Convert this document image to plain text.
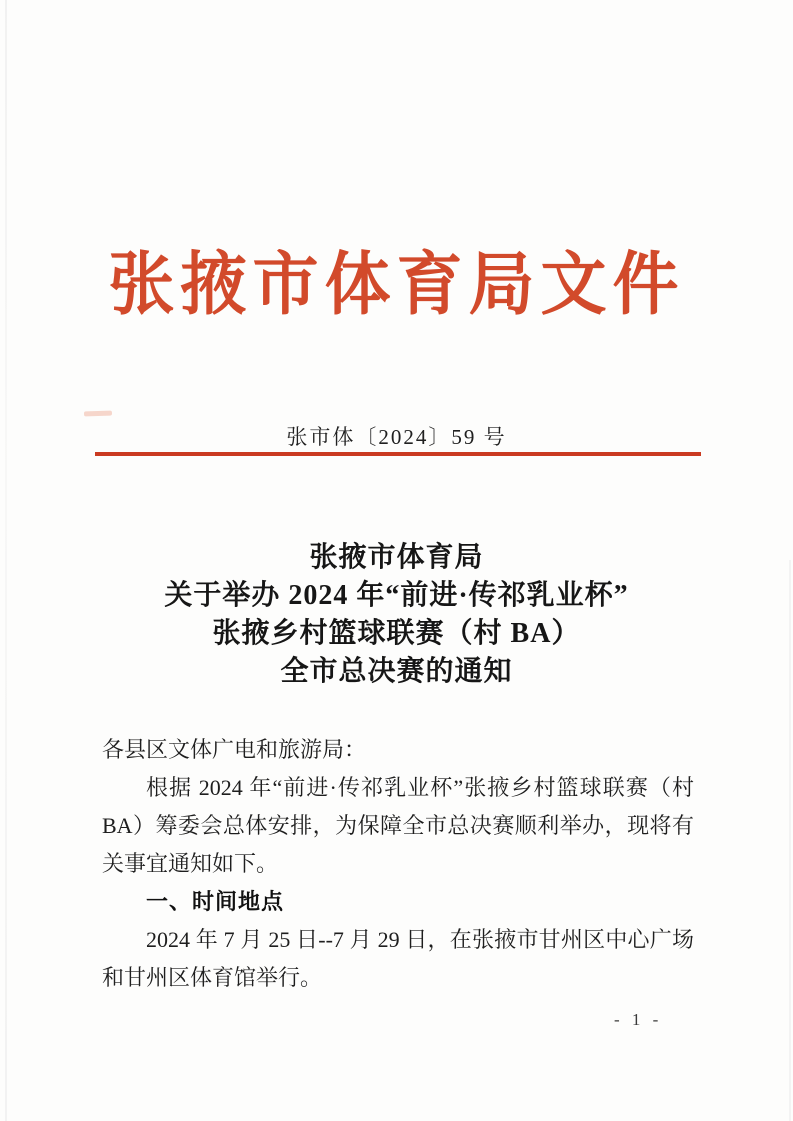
张掖市体育局文件
张市体〔2024〕59 号
张掖市体育局
关于举办 2024 年“前进·传祁乳业杯”
张掖乡村篮球联赛（村 BA）
全市总决赛的通知

各县区文体广电和旅游局：

根据 2024 年“前进·传祁乳业杯”张掖乡村篮球联赛（村BA）筹委会总体安排，为保障全市总决赛顺利举办，现将有关事宜通知如下。

一、时间地点

2024 年 7 月 25 日--7 月 29 日，在张掖市甘州区中心广场和甘州区体育馆举行。

- 1 -
